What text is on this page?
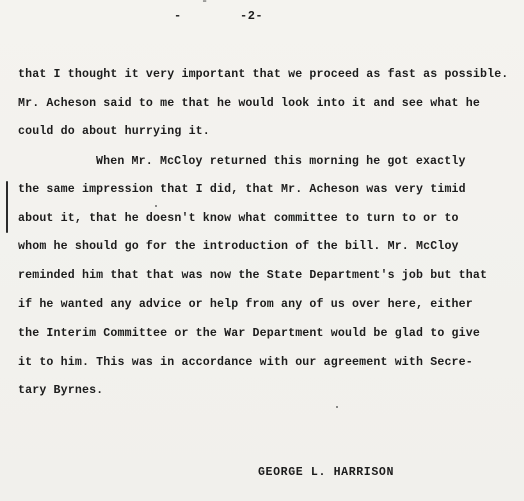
-
-	-2-
that I thought it very important that we proceed as fast as possible.
Mr. Acheson said to me that he would look into it and see what he
could do about hurrying it.
When Mr. McCloy returned this morning he got exactly
the same impression that I did, that Mr. Acheson was very timid
about it, that he doesn't know what committee to turn to or to
whom he should go for the introduction of the bill. Mr. McCloy
reminded him that that was now the State Department's job but that
if he wanted any advice or help from any of us over here, either
the Interim Committee or the War Department would be glad to give
it to him. This was in accordance with our agreement with Secre-
tary Byrnes.
GEORGE L. HARRISON
